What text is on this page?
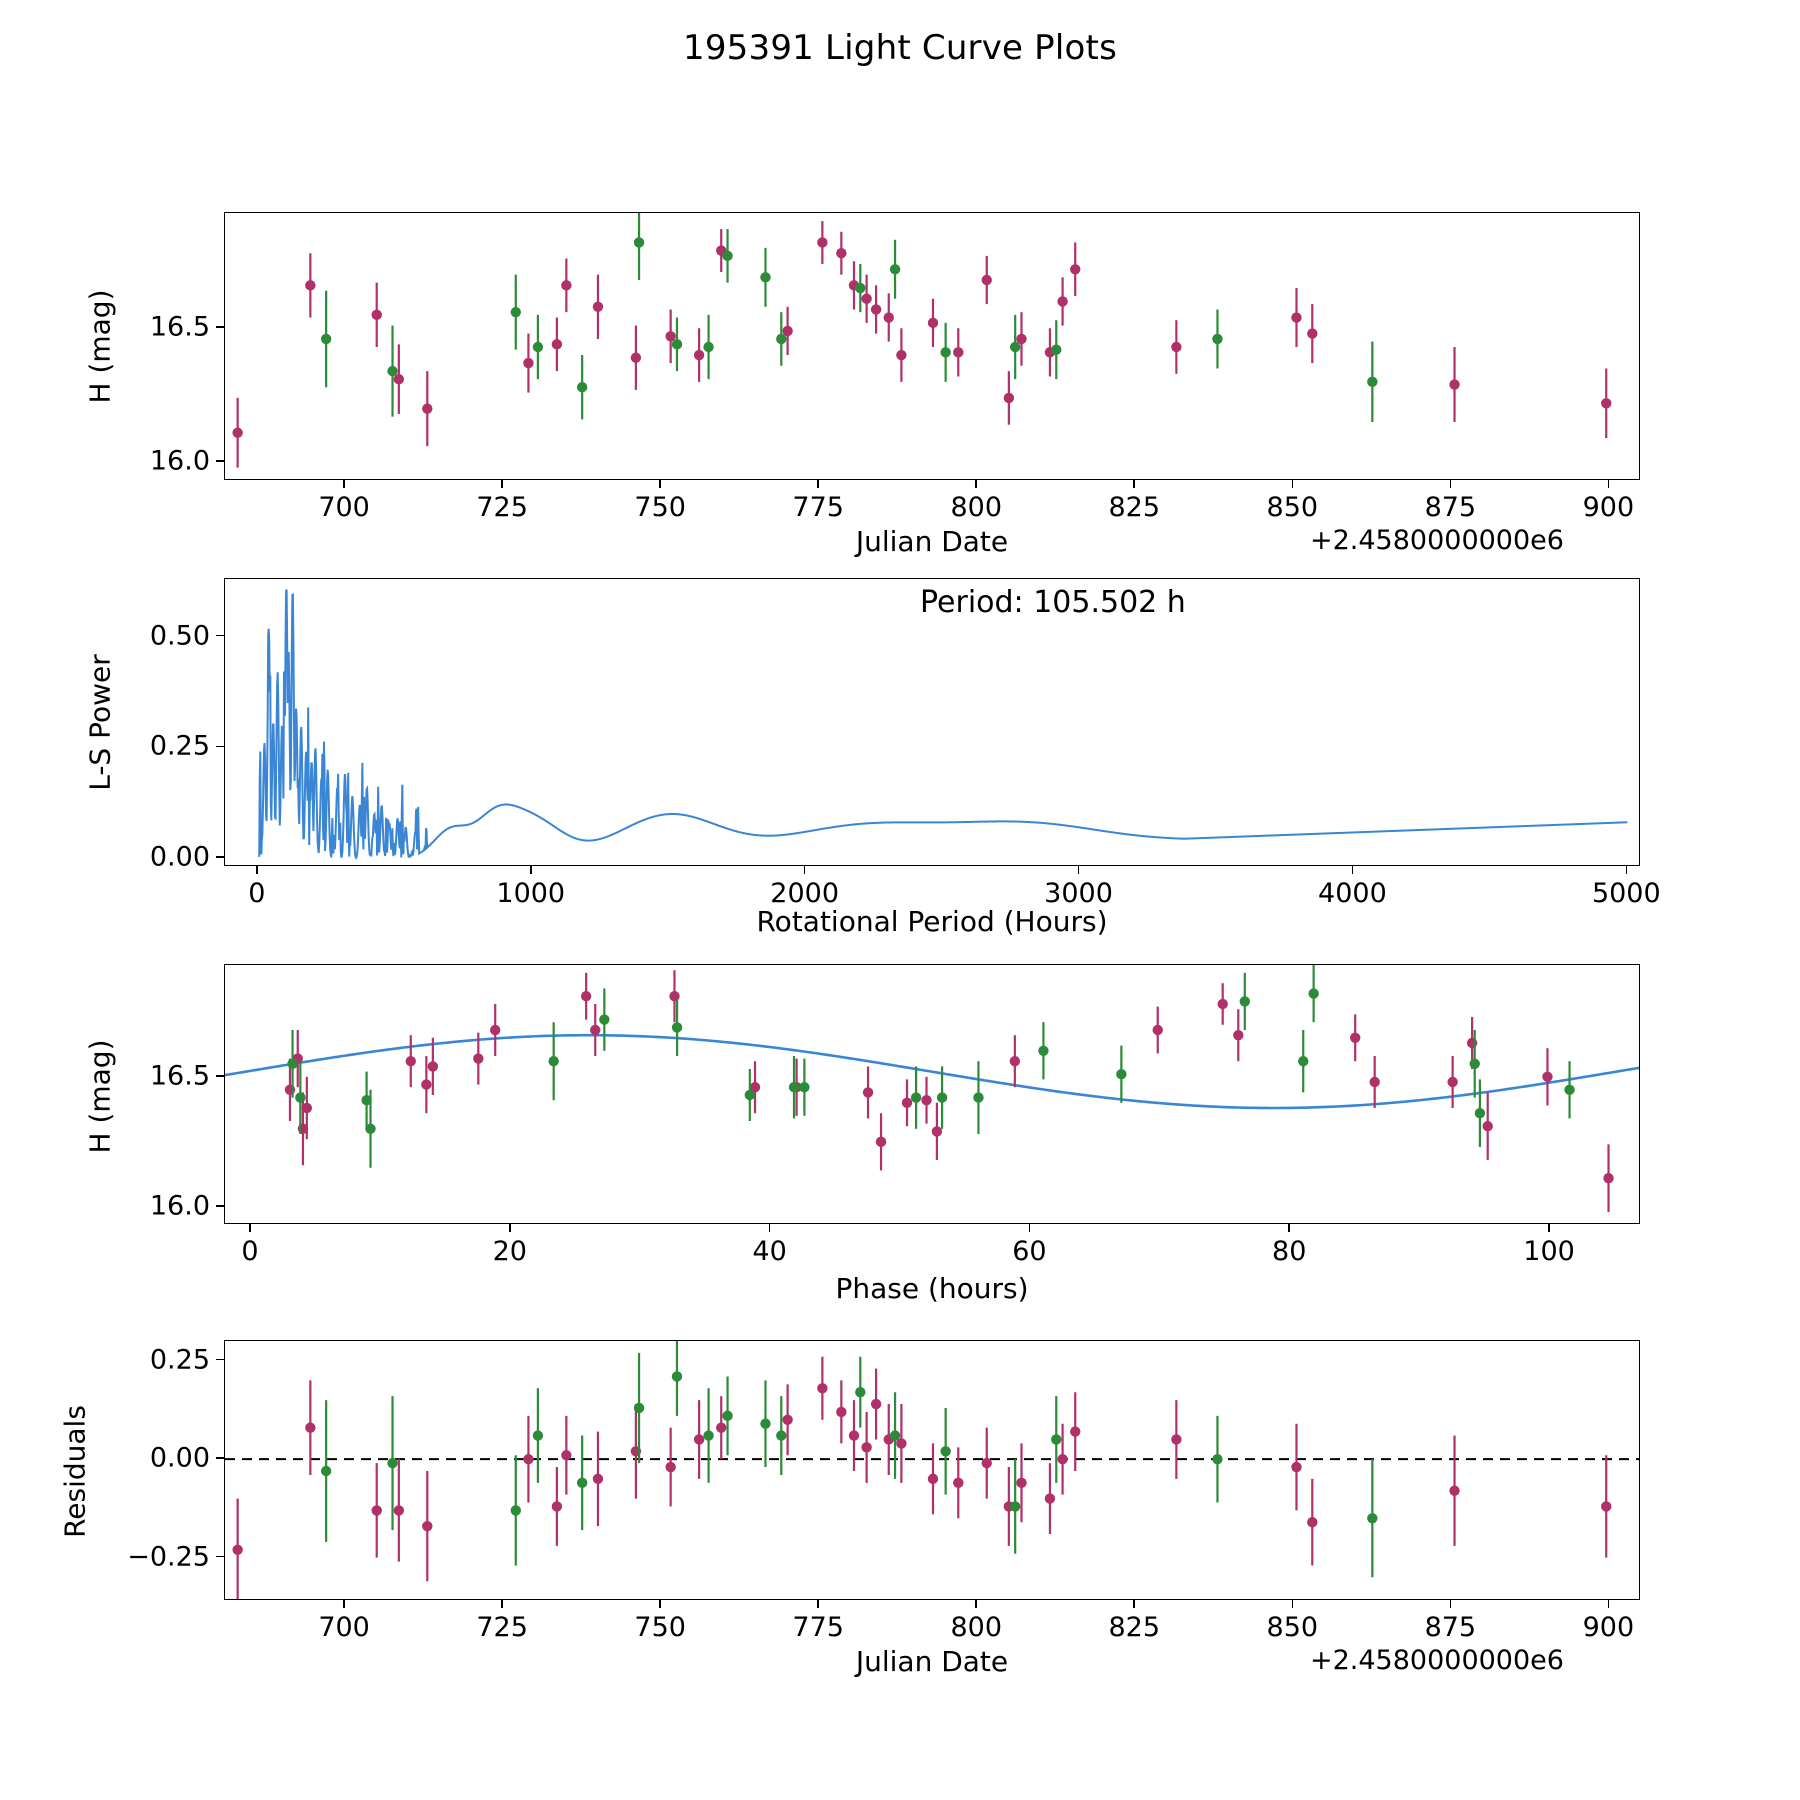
195391 Light Curve Plots
H (mag)
Julian Date	+2.4580000000e6
Period: 105.502 h
L-S Power
Rotational Period (Hours)
H (mag)
Phase (hours)
Residuals
Julian Date	+2.4580000000e6
700	725	750	775	800	825	850	875	900
16.0
16.5
0	1000	2000	3000	4000	5000
0.00
0.25
0.50
0	20	40	60	80	100
16.0
16.5
700	725	750	775	800	825	850	875	900
−0.25
0.00
0.25
